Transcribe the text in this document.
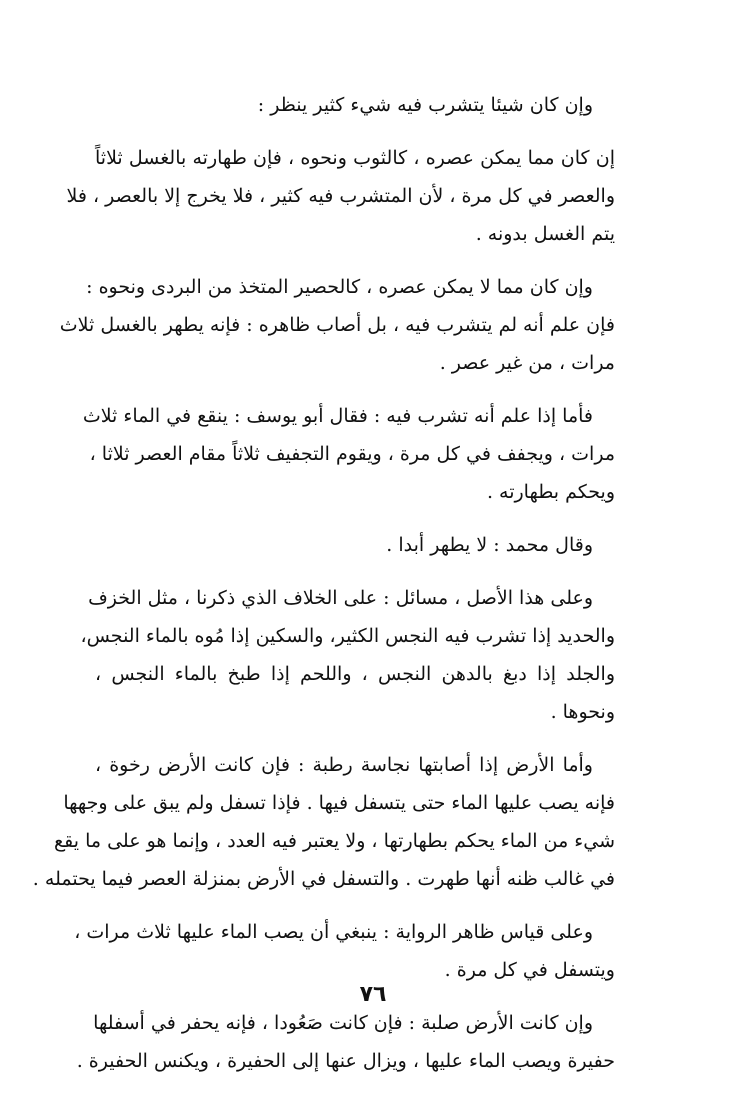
وإن كان شيئا يتشرب فيه شيء كثير ينظر :

إن كان مما يمكن عصره ، كالثوب ونحوه ، فإن طهارته بالغسل ثلاثاً
والعصر في كل مرة ، لأن المتشرب فيه كثير ، فلا يخرج إلا بالعصر ، فلا
يتم الغسل بدونه .

وإن كان مما لا يمكن عصره ، كالحصير المتخذ من البردى ونحوه :
فإن علم أنه لم يتشرب فيه ، بل أصاب ظاهره : فإنه يطهر بالغسل ثلاث
مرات ، من غير عصر .

فأما إذا علم أنه تشرب فيه : فقال أبو يوسف : ينقع في الماء ثلاث
مرات ، ويجفف في كل مرة ، ويقوم التجفيف ثلاثاً مقام العصر ثلاثا ،
ويحكم بطهارته .

وقال محمد : لا يطهر أبدا .

وعلى هذا الأصل ، مسائل : على الخلاف الذي ذكرنا ، مثل الخزف
والحديد إذا تشرب فيه النجس الكثير، والسكين إذا مُوه بالماء النجس،
والجلد إذا دبغ بالدهن النجس ، واللحم إذا طبخ بالماء النجس ،
ونحوها .

وأما الأرض إذا أصابتها نجاسة رطبة : فإن كانت الأرض رخوة ،
فإنه يصب عليها الماء حتى يتسفل فيها . فإذا تسفل ولم يبق على وجهها
شيء من الماء يحكم بطهارتها ، ولا يعتبر فيه العدد ، وإنما هو على ما يقع
في غالب ظنه أنها طهرت . والتسفل في الأرض بمنزلة العصر فيما يحتمله .

وعلى قياس ظاهر الرواية : ينبغي أن يصب الماء عليها ثلاث مرات ،
ويتسفل في كل مرة .

وإن كانت الأرض صلبة : فإن كانت صَعُودا ، فإنه يحفر في أسفلها
حفيرة ويصب الماء عليها ، ويزال عنها إلى الحفيرة ، ويكنس الحفيرة .

٧٦
